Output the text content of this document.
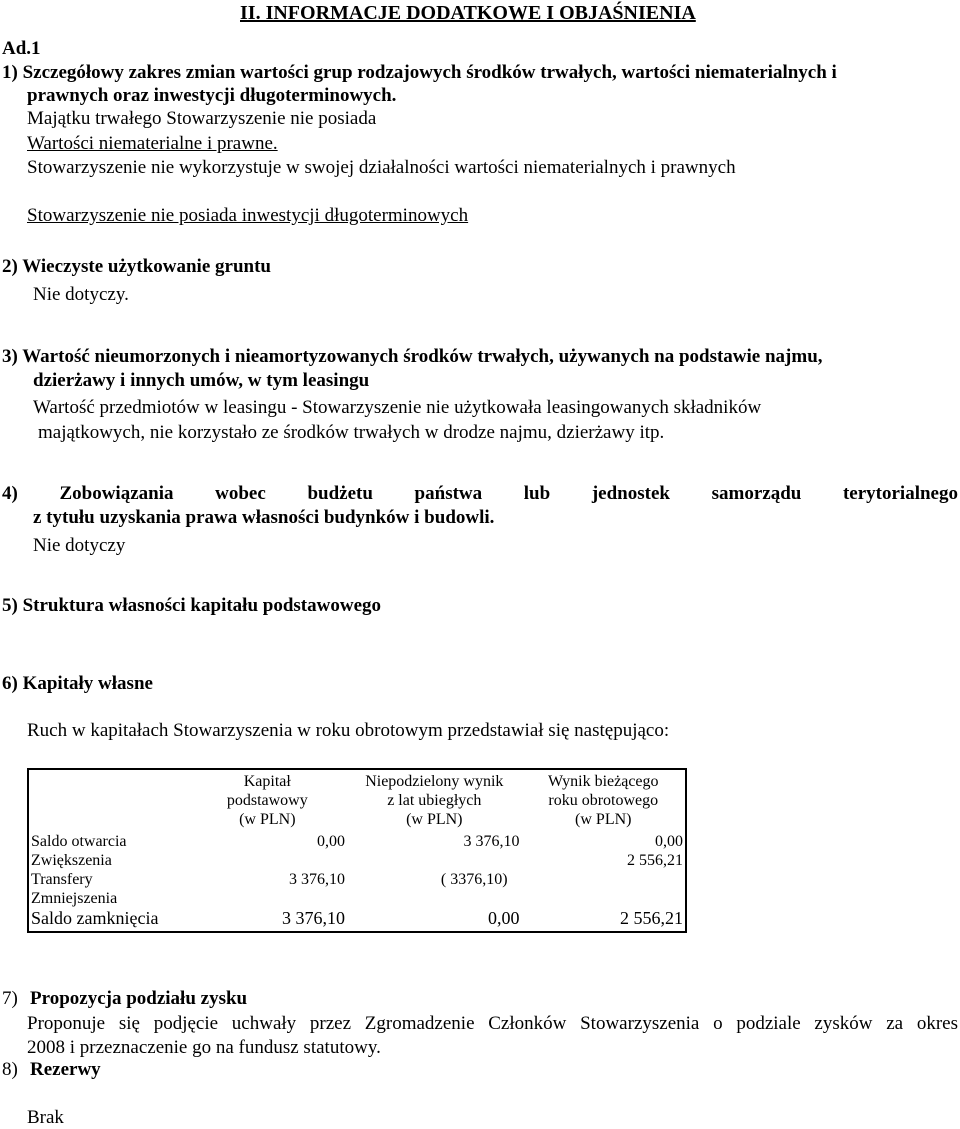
II. INFORMACJE DODATKOWE I OBJAŚNIENIA
Ad.1
1) Szczegółowy zakres zmian wartości grup rodzajowych środków trwałych, wartości niematerialnych i
prawnych oraz inwestycji długoterminowych.
Majątku trwałego Stowarzyszenie nie posiada
Wartości niematerialne i prawne.
Stowarzyszenie nie wykorzystuje w swojej działalności wartości niematerialnych i prawnych
Stowarzyszenie nie posiada inwestycji długoterminowych
2) Wieczyste użytkowanie gruntu
Nie dotyczy.
3) Wartość nieumorzonych i nieamortyzowanych środków trwałych, używanych na podstawie najmu,
dzierżawy i innych umów, w tym leasingu
Wartość przedmiotów w leasingu - Stowarzyszenie nie użytkowała leasingowanych składników
majątkowych, nie korzystało ze środków trwałych w drodze najmu, dzierżawy itp.
4) Zobowiązania wobec budżetu państwa lub jednostek samorządu terytorialnego
z tytułu uzyskania prawa własności budynków i budowli.
Nie dotyczy
5) Struktura własności kapitału podstawowego
6) Kapitały własne
Ruch w kapitałach Stowarzyszenia w roku obrotowym przedstawiał się następująco:
	Kapitał
podstawowy
(w PLN)	Niepodzielony wynik
z lat ubiegłych
(w PLN)	Wynik bieżącego
roku obrotowego
(w PLN)
Saldo otwarcia	0,00	3 376,10	0,00
Zwiększenia			2 556,21
Transfery	3 376,10	( 3376,10)	
Zmniejszenia			
Saldo zamknięcia	3 376,10	0,00	2 556,21
7) Propozycja podziału zysku
Proponuje się podjęcie uchwały przez Zgromadzenie Członków Stowarzyszenia o podziale zysków za okres
2008 i przeznaczenie go na fundusz statutowy.
8) Rezerwy
Brak
